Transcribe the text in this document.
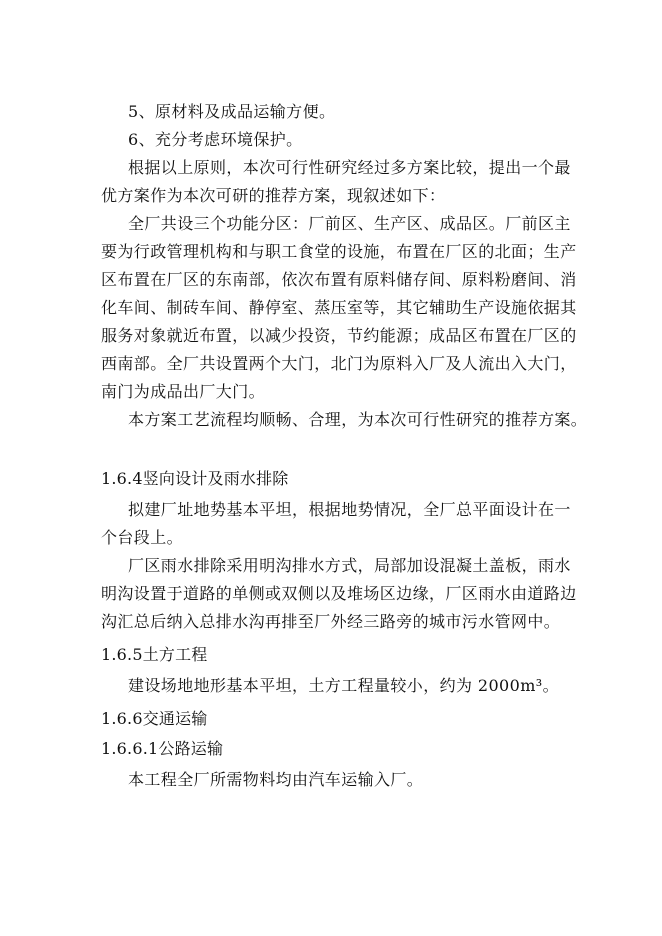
5、原材料及成品运输方便。
6、充分考虑环境保护。
根据以上原则，本次可行性研究经过多方案比较，提出一个最
优方案作为本次可研的推荐方案，现叙述如下：
全厂共设三个功能分区：厂前区、生产区、成品区。厂前区主
要为行政管理机构和与职工食堂的设施，布置在厂区的北面；生产
区布置在厂区的东南部，依次布置有原料储存间、原料粉磨间、消
化车间、制砖车间、静停室、蒸压室等，其它辅助生产设施依据其
服务对象就近布置，以减少投资，节约能源；成品区布置在厂区的
西南部。全厂共设置两个大门，北门为原料入厂及人流出入大门，
南门为成品出厂大门。
本方案工艺流程均顺畅、合理，为本次可行性研究的推荐方案。
1.6.4竖向设计及雨水排除
拟建厂址地势基本平坦，根据地势情况，全厂总平面设计在一
个台段上。
厂区雨水排除采用明沟排水方式，局部加设混凝土盖板，雨水
明沟设置于道路的单侧或双侧以及堆场区边缘，厂区雨水由道路边
沟汇总后纳入总排水沟再排至厂外经三路旁的城市污水管网中。
1.6.5土方工程
建设场地地形基本平坦，土方工程量较小，约为 2000m³。
1.6.6交通运输
1.6.6.1公路运输
本工程全厂所需物料均由汽车运输入厂。
